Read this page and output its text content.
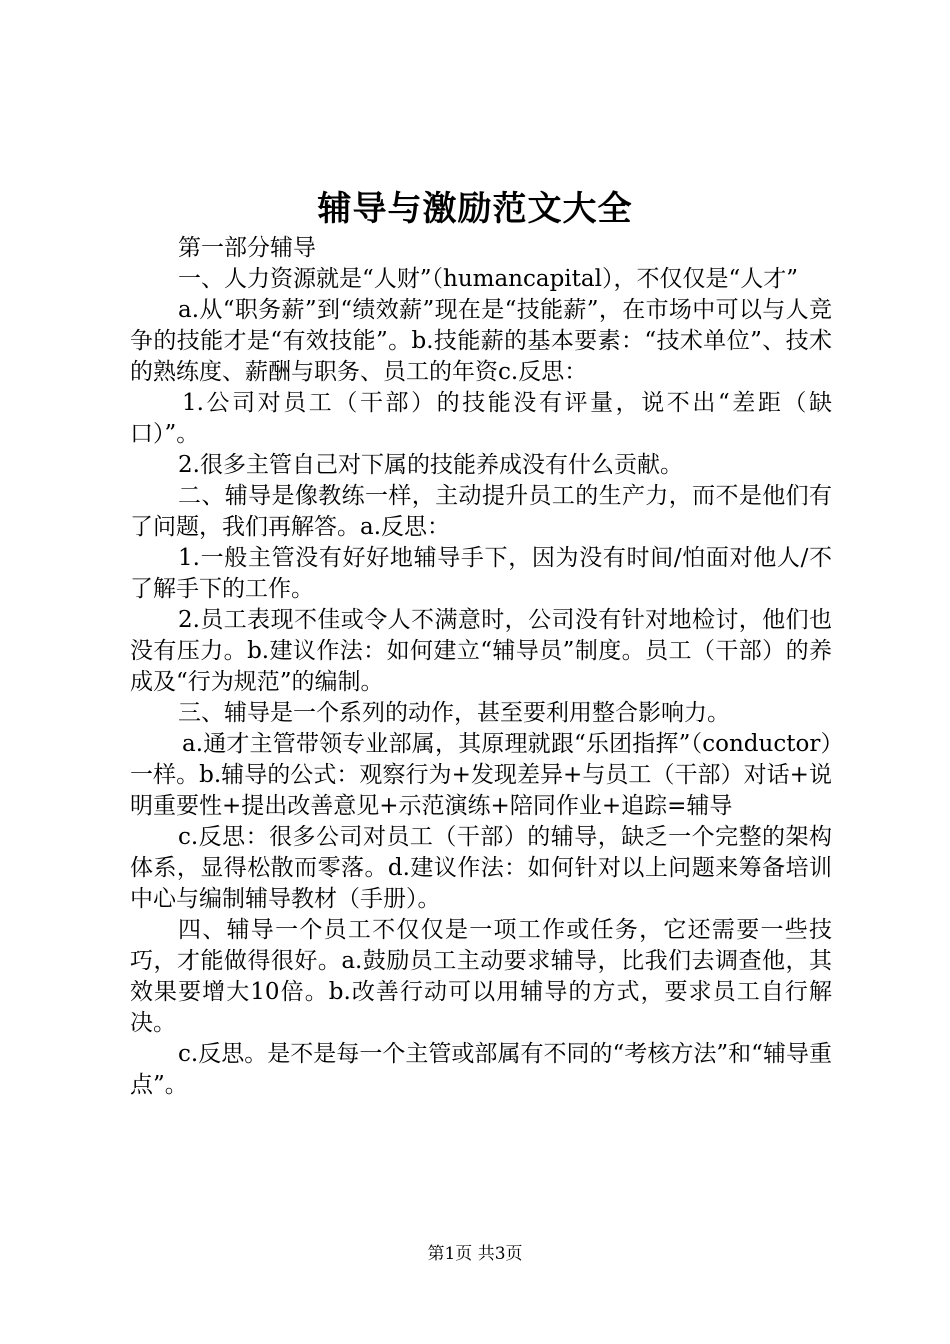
辅导与激励范文大全

第一部分辅导

一、人力资源就是“人财”（humancapital），不仅仅是“人才”

a.从“职务薪”到“绩效薪”现在是“技能薪”，在市场中可以与人竞争的技能才是“有效技能”。b.技能薪的基本要素：“技术单位”、技术的熟练度、薪酬与职务、员工的年资c.反思：

1.公司对员工（干部）的技能没有评量，说不出“差距（缺口）”。

2.很多主管自己对下属的技能养成没有什么贡献。

二、辅导是像教练一样，主动提升员工的生产力，而不是他们有了问题，我们再解答。a.反思：

1.一般主管没有好好地辅导手下，因为没有时间/怕面对他人/不了解手下的工作。

2.员工表现不佳或令人不满意时，公司没有针对地检讨，他们也没有压力。b.建议作法：如何建立“辅导员”制度。员工（干部）的养成及“行为规范”的编制。

三、辅导是一个系列的动作，甚至要利用整合影响力。

a.通才主管带领专业部属，其原理就跟“乐团指挥”（conductor）一样。b.辅导的公式：观察行为+发现差异+与员工（干部）对话+说明重要性+提出改善意见+示范演练+陪同作业+追踪=辅导

c.反思：很多公司对员工（干部）的辅导，缺乏一个完整的架构体系，显得松散而零落。d.建议作法：如何针对以上问题来筹备培训中心与编制辅导教材（手册）。

四、辅导一个员工不仅仅是一项工作或任务，它还需要一些技巧，才能做得很好。a.鼓励员工主动要求辅导，比我们去调查他，其效果要增大10倍。b.改善行动可以用辅导的方式，要求员工自行解决。

c.反思。是不是每一个主管或部属有不同的“考核方法”和“辅导重点”。

第1页 共3页
